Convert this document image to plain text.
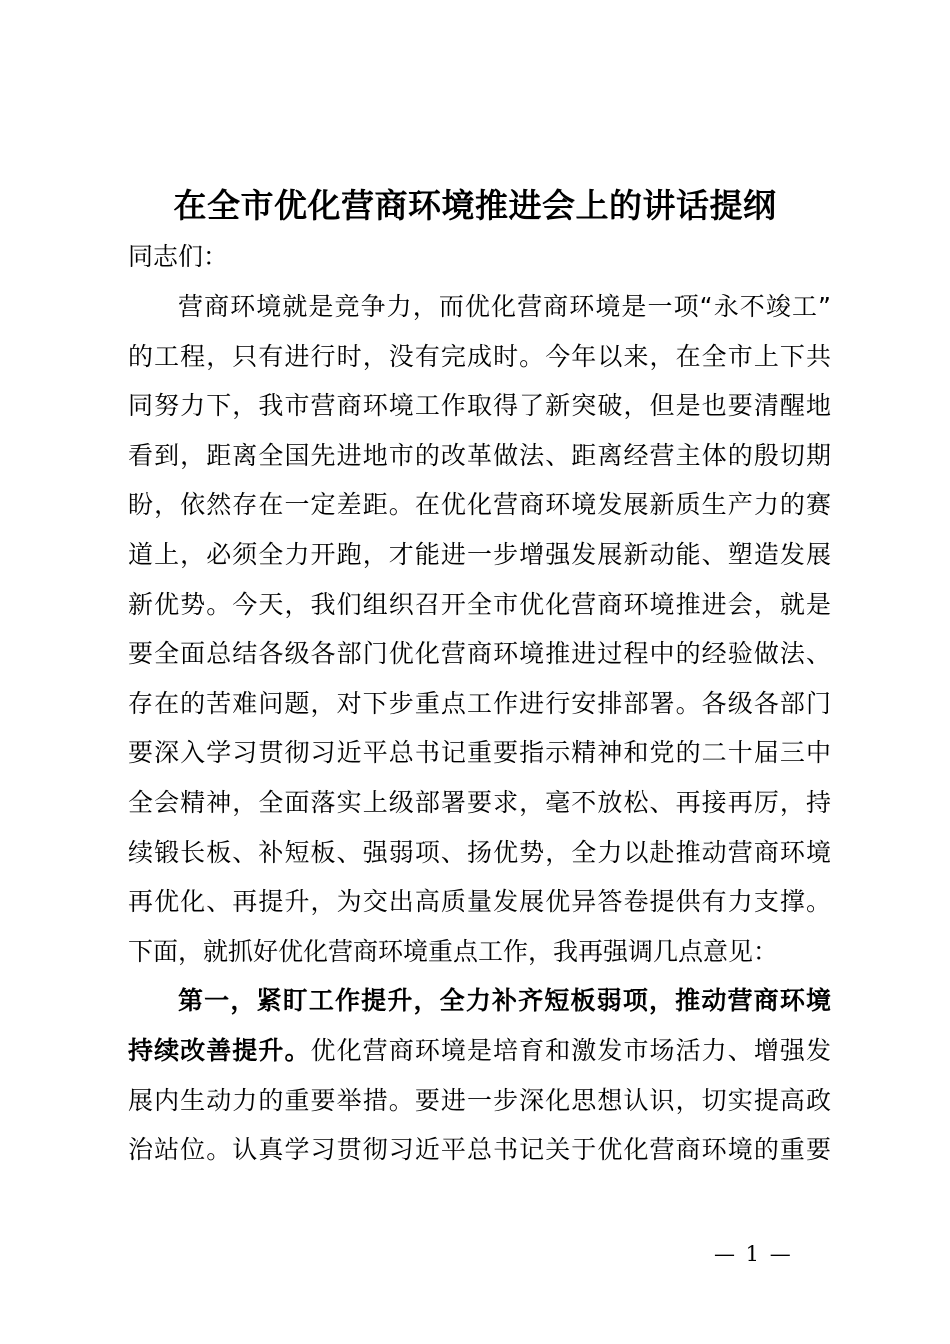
在全市优化营商环境推进会上的讲话提纲
同志们：
营商环境就是竞争力，而优化营商环境是一项“永不竣工”
的工程，只有进行时，没有完成时。今年以来，在全市上下共
同努力下，我市营商环境工作取得了新突破，但是也要清醒地
看到，距离全国先进地市的改革做法、距离经营主体的殷切期
盼，依然存在一定差距。在优化营商环境发展新质生产力的赛
道上，必须全力开跑，才能进一步增强发展新动能、塑造发展
新优势。今天，我们组织召开全市优化营商环境推进会，就是
要全面总结各级各部门优化营商环境推进过程中的经验做法、
存在的苦难问题，对下步重点工作进行安排部署。各级各部门
要深入学习贯彻习近平总书记重要指示精神和党的二十届三中
全会精神，全面落实上级部署要求，毫不放松、再接再厉，持
续锻长板、补短板、强弱项、扬优势，全力以赴推动营商环境
再优化、再提升，为交出高质量发展优异答卷提供有力支撑。
下面，就抓好优化营商环境重点工作，我再强调几点意见：
第一，紧盯工作提升，全力补齐短板弱项，推动营商环境
持续改善提升。优化营商环境是培育和激发市场活力、增强发
展内生动力的重要举措。要进一步深化思想认识，切实提高政
治站位。认真学习贯彻习近平总书记关于优化营商环境的重要
— 1 —
